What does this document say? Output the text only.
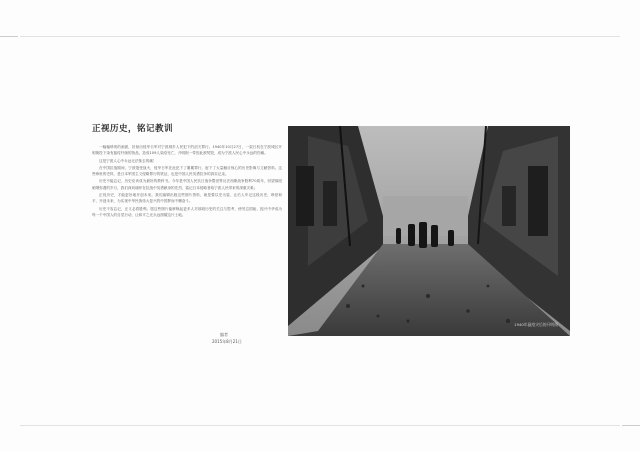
正视历史，铭记教训

一幅幅珍贵的画面，折射出侵华日军对宁波城乡人民犯下的滔天罪行。1940年10月27日，一架日机在宁波城区开明街投下染有鼠疫杆菌的物品，造成109人染疫死亡，开明街一带因此被焚毁，成为宁波人民心中永远的伤痛。

这是宁波人心中永远无法抹去的痛！

在中国抗战期间，宁波饱受战火，侵华日军在此犯下了累累罪行，留下了大量触目惊心的历史影像与文献资料。这些珍贵的史料，是日本军国主义侵略罪行的铁证，也是中国人民英勇抗争的真实记录。

历史不能忘记，历史应该成为最好的教科书。今年是中国人民抗日战争暨世界反法西斯战争胜利70周年，回望那段硝烟弥漫的岁月，我们深切缅怀在抗战中英勇献身的先烈，铭记日本侵略者给宁波人民带来的深重灾难。

正视历史，才能更好地开创未来。我们编辑出版这些图片资料，就是要以史为鉴，让后人牢记这段历史，珍爱和平，开创未来，为实现中华民族伟大复兴的中国梦而不懈奋斗。

历史不容忘记，正义必将胜利。愿这些图片能够唤起更多人对那段历史的关注与思考，使勿忘国耻、振兴中华成为每一个中国人的自觉行动，让和平之光永远照耀这片土地。

编者
2015年8月21日
1940年鼠疫灾后的开明街
